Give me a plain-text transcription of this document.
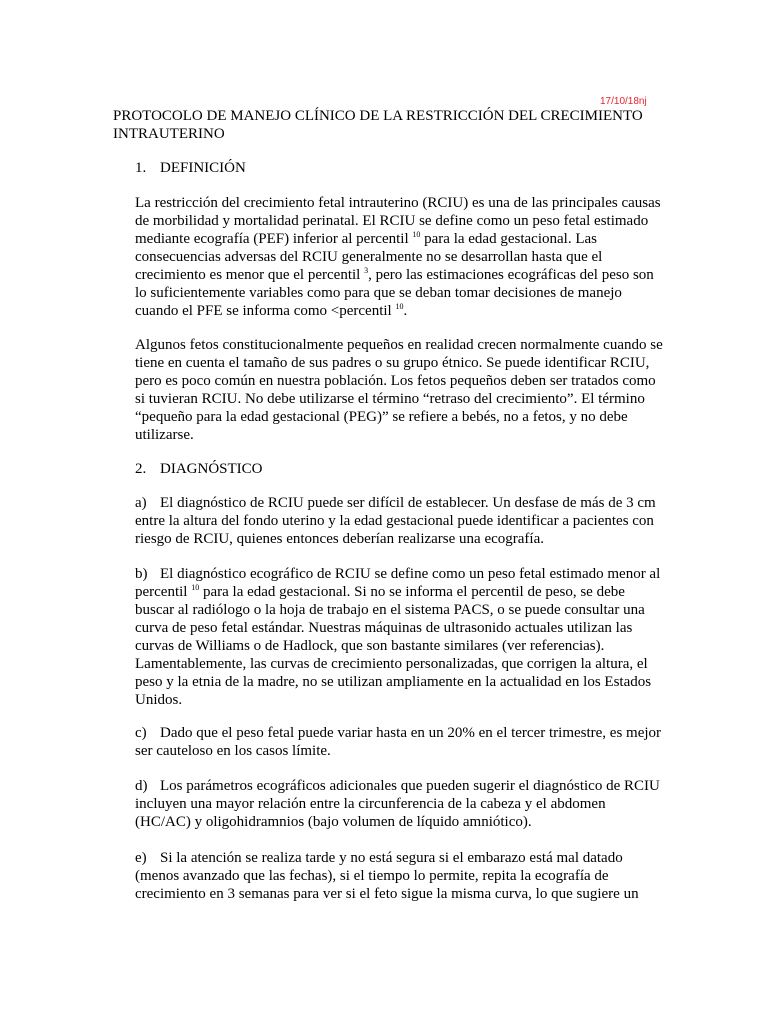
17/10/18nj
PROTOCOLO DE MANEJO CLÍNICO DE LA RESTRICCIÓN DEL CRECIMIENTO INTRAUTERINO
1. DEFINICIÓN
La restricción del crecimiento fetal intrauterino (RCIU) es una de las principales causas de morbilidad y mortalidad perinatal. El RCIU se define como un peso fetal estimado mediante ecografía (PEF) inferior al percentil $^{10}$ para la edad gestacional. Las consecuencias adversas del RCIU generalmente no se desarrollan hasta que el crecimiento es menor que el percentil $^3$, pero las estimaciones ecográficas del peso son lo suficientemente variables como para que se deban tomar decisiones de manejo cuando el PFE se informa como <percentil $^{10}$.
Algunos fetos constitucionalmente pequeños en realidad crecen normalmente cuando se tiene en cuenta el tamaño de sus padres o su grupo étnico. Se puede identificar RCIU, pero es poco común en nuestra población. Los fetos pequeños deben ser tratados como si tuvieran RCIU. No debe utilizarse el término “retraso del crecimiento”. El término “pequeño para la edad gestacional (PEG)” se refiere a bebés, no a fetos, y no debe utilizarse.
2. DIAGNÓSTICO
a) El diagnóstico de RCIU puede ser difícil de establecer. Un desfase de más de 3 cm entre la altura del fondo uterino y la edad gestacional puede identificar a pacientes con riesgo de RCIU, quienes entonces deberían realizarse una ecografía.
b) El diagnóstico ecográfico de RCIU se define como un peso fetal estimado menor al percentil $^{10}$ para la edad gestacional. Si no se informa el percentil de peso, se debe buscar al radiólogo o la hoja de trabajo en el sistema PACS, o se puede consultar una curva de peso fetal estándar. Nuestras máquinas de ultrasonido actuales utilizan las curvas de Williams o de Hadlock, que son bastante similares (ver referencias). Lamentablemente, las curvas de crecimiento personalizadas, que corrigen la altura, el peso y la etnia de la madre, no se utilizan ampliamente en la actualidad en los Estados Unidos.
c) Dado que el peso fetal puede variar hasta en un 20% en el tercer trimestre, es mejor ser cauteloso en los casos límite.
d) Los parámetros ecográficos adicionales que pueden sugerir el diagnóstico de RCIU incluyen una mayor relación entre la circunferencia de la cabeza y el abdomen (HC/AC) y oligohidramnios (bajo volumen de líquido amniótico).
e) Si la atención se realiza tarde y no está segura si el embarazo está mal datado (menos avanzado que las fechas), si el tiempo lo permite, repita la ecografía de crecimiento en 3 semanas para ver si el feto sigue la misma curva, lo que sugiere un
